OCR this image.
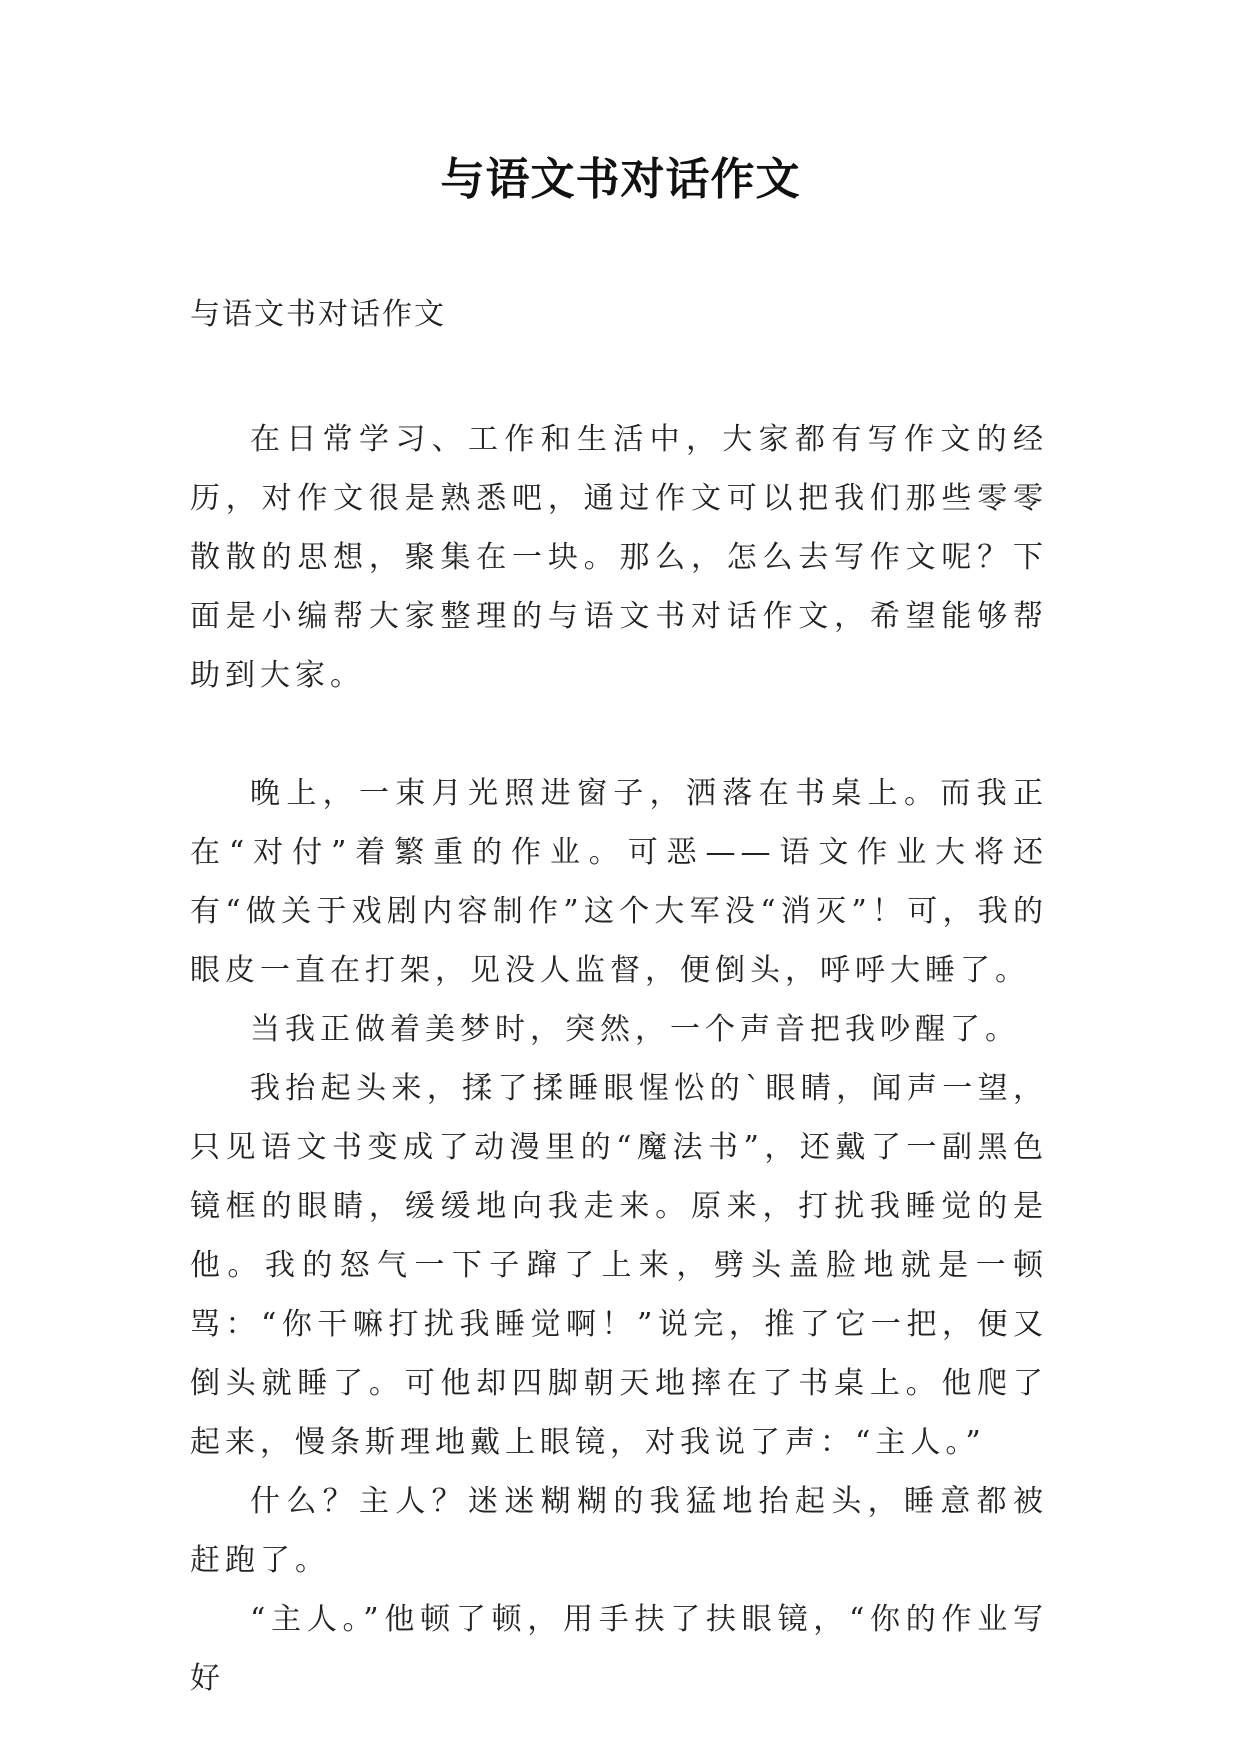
与语文书对话作文
与语文书对话作文

在日常学习、工作和生活中，大家都有写作文的经历，对作文很是熟悉吧，通过作文可以把我们那些零零散散的思想，聚集在一块。那么，怎么去写作文呢？下面是小编帮大家整理的与语文书对话作文，希望能够帮助到大家。

晚上，一束月光照进窗子，洒落在书桌上。而我正在“对付”着繁重的作业。可恶——语文作业大将还有“做关于戏剧内容制作”这个大军没“消灭”！可，我的眼皮一直在打架，见没人监督，便倒头，呼呼大睡了。

当我正做着美梦时，突然，一个声音把我吵醒了。

我抬起头来，揉了揉睡眼惺忪的`眼睛，闻声一望，只见语文书变成了动漫里的“魔法书”，还戴了一副黑色镜框的眼睛，缓缓地向我走来。原来，打扰我睡觉的是他。我的怒气一下子蹿了上来，劈头盖脸地就是一顿骂：“你干嘛打扰我睡觉啊！”说完，推了它一把，便又倒头就睡了。可他却四脚朝天地摔在了书桌上。他爬了起来，慢条斯理地戴上眼镜，对我说了声：“主人。”

什么？主人？迷迷糊糊的我猛地抬起头，睡意都被赶跑了。

“主人。”他顿了顿，用手扶了扶眼镜，“你的作业写好
